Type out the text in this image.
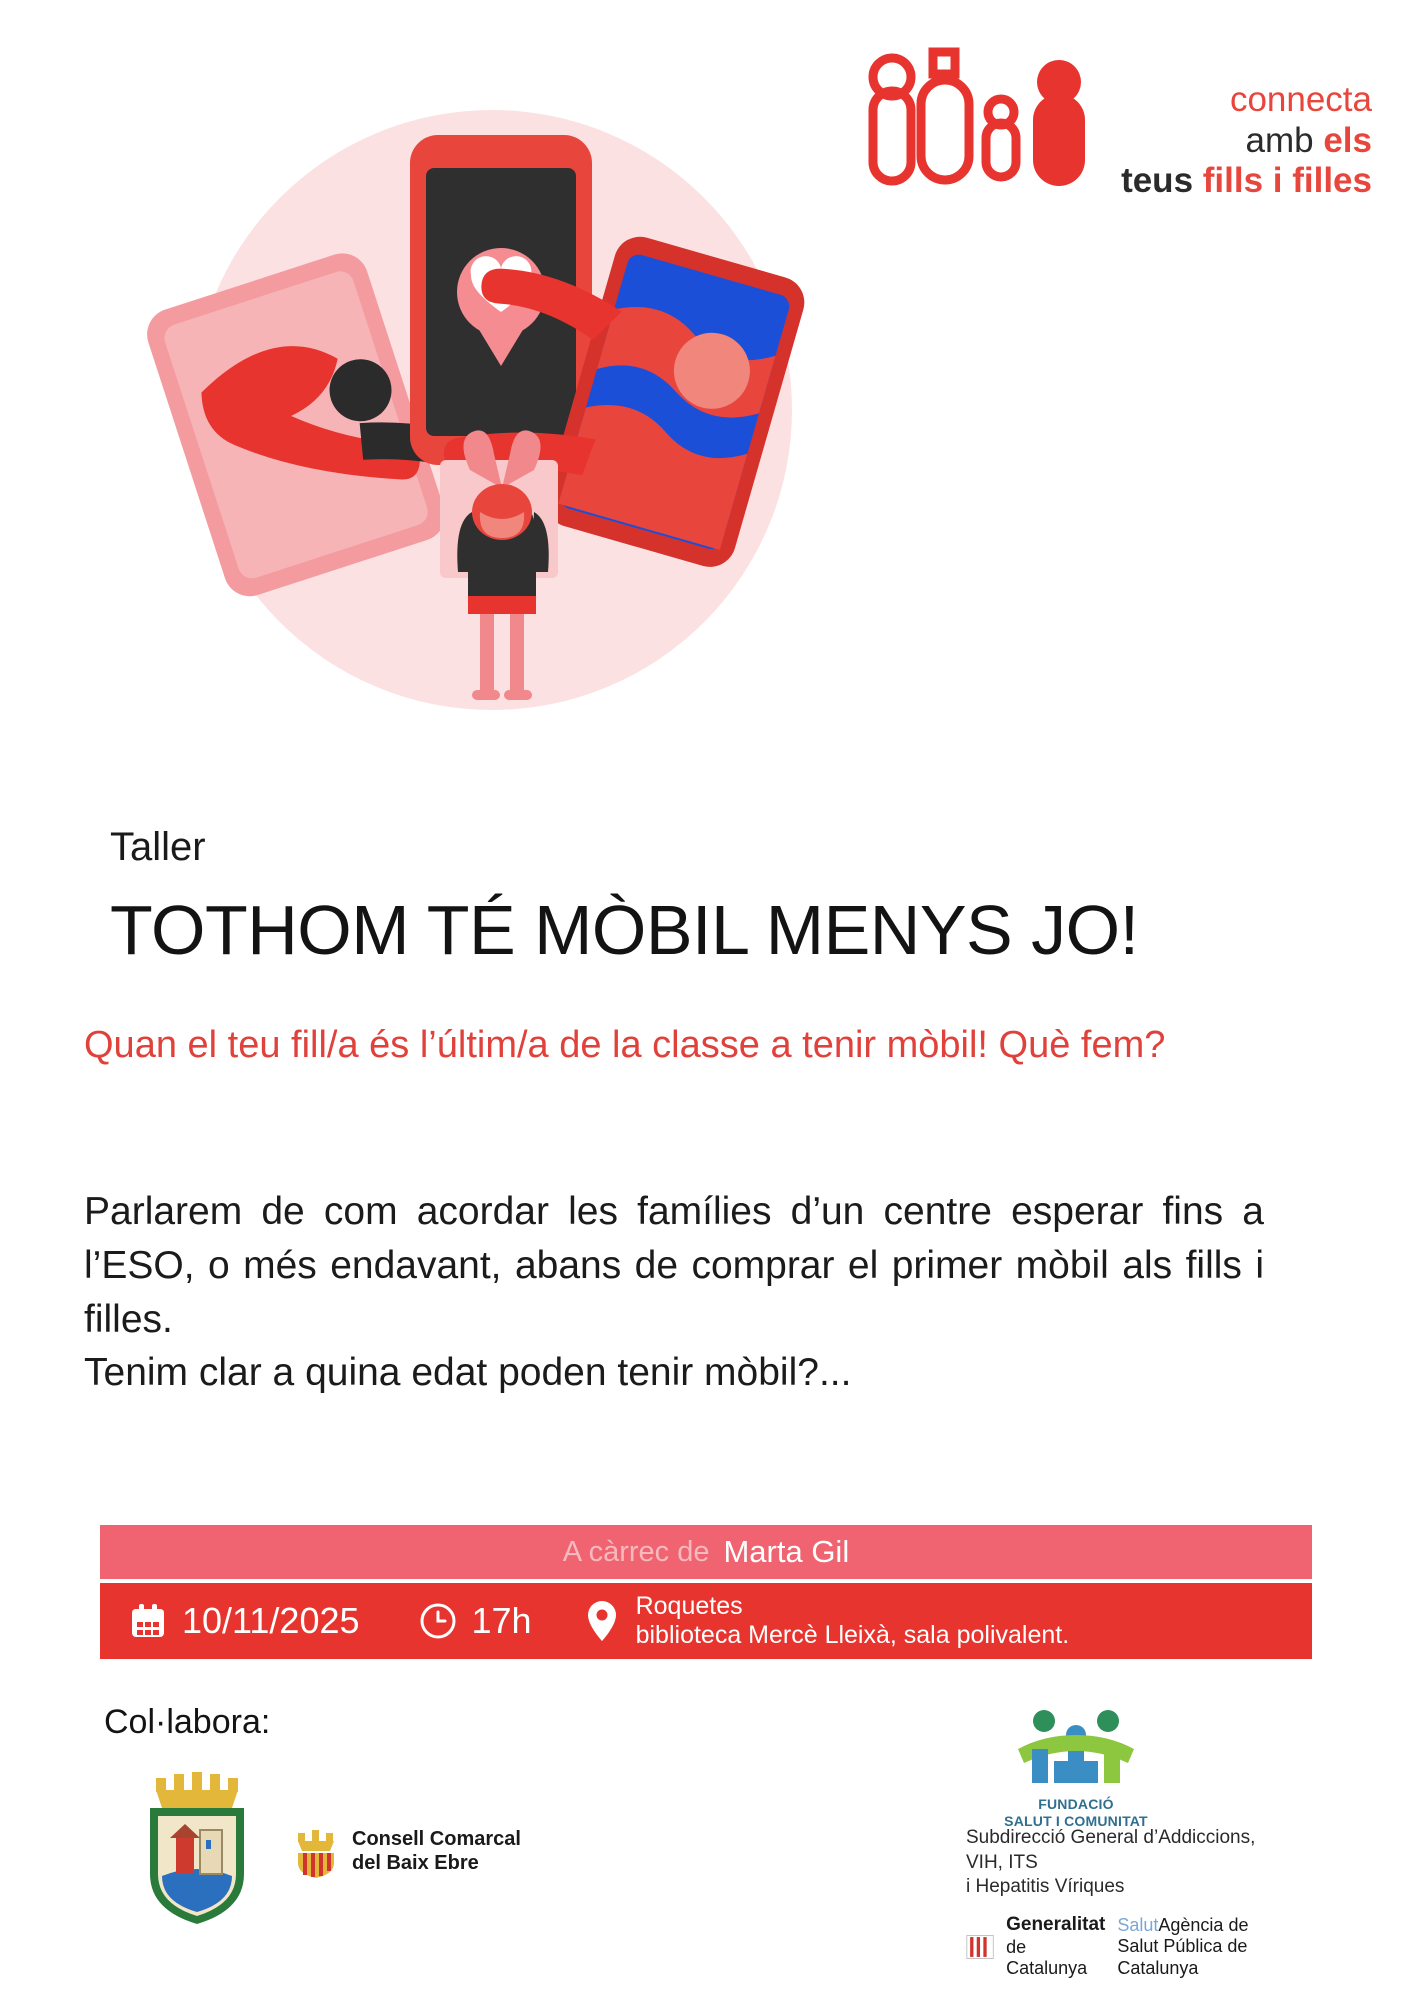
connecta
amb els
teus fills i filles
Taller
TOTHOM TÉ MÒBIL MENYS JO!
Quan el teu fill/a és l’últim/a de la classe a tenir mòbil! Què fem?

Parlarem de com acordar les famílies d’un centre esperar fins a l’ESO, o més endavant, abans de comprar el primer mòbil als fills i filles.

Tenim clar a quina edat poden tenir mòbil?...

A càrrec de Marta Gil
10/11/2025	17h	Roquetes
biblioteca Mercè Lleixà, sala polivalent.
Col·labora:
Consell Comarcal
del Baix Ebre
FUNDACIÓ
SALUT I COMUNITAT
Subdirecció General d’Addiccions, VIH, ITS
i Hepatitis Víriques
Generalitat
de Catalunya
SalutAgència de
Salut Pública de Catalunya
